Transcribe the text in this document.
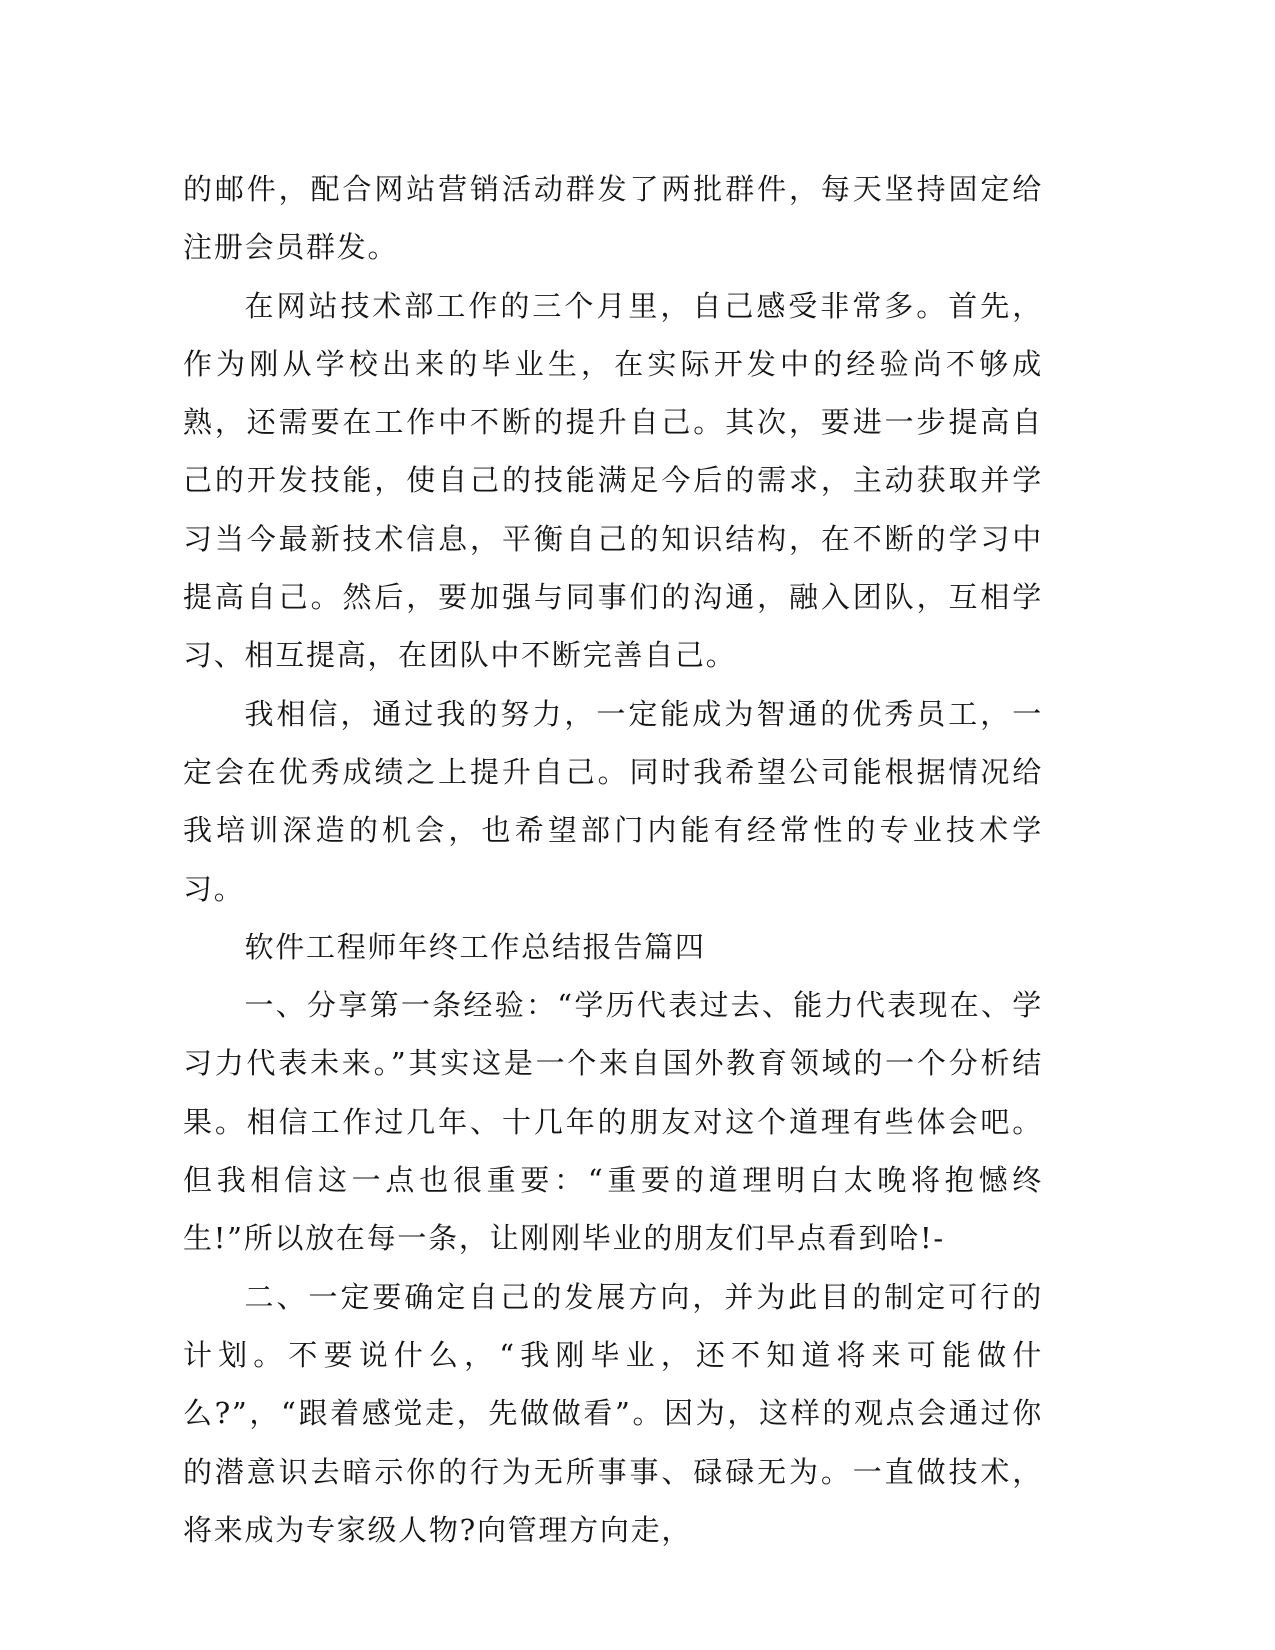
的邮件，配合网站营销活动群发了两批群件，每天坚持固定给注册会员群发。

在网站技术部工作的三个月里，自己感受非常多。首先，作为刚从学校出来的毕业生，在实际开发中的经验尚不够成熟，还需要在工作中不断的提升自己。其次，要进一步提高自己的开发技能，使自己的技能满足今后的需求，主动获取并学习当今最新技术信息，平衡自己的知识结构，在不断的学习中提高自己。然后，要加强与同事们的沟通，融入团队，互相学习、相互提高，在团队中不断完善自己。

我相信，通过我的努力，一定能成为智通的优秀员工，一定会在优秀成绩之上提升自己。同时我希望公司能根据情况给我培训深造的机会，也希望部门内能有经常性的专业技术学习。

软件工程师年终工作总结报告篇四

一、分享第一条经验：“学历代表过去、能力代表现在、学习力代表未来。”其实这是一个来自国外教育领域的一个分析结果。相信工作过几年、十几年的朋友对这个道理有些体会吧。但我相信这一点也很重要：“重要的道理明白太晚将抱憾终生!”所以放在每一条，让刚刚毕业的朋友们早点看到哈!-

二、一定要确定自己的发展方向，并为此目的制定可行的计划。不要说什么，“我刚毕业，还不知道将来可能做什么?”，“跟着感觉走，先做做看”。因为，这样的观点会通过你的潜意识去暗示你的行为无所事事、碌碌无为。一直做技术，将来成为专家级人物?向管理方向走，
